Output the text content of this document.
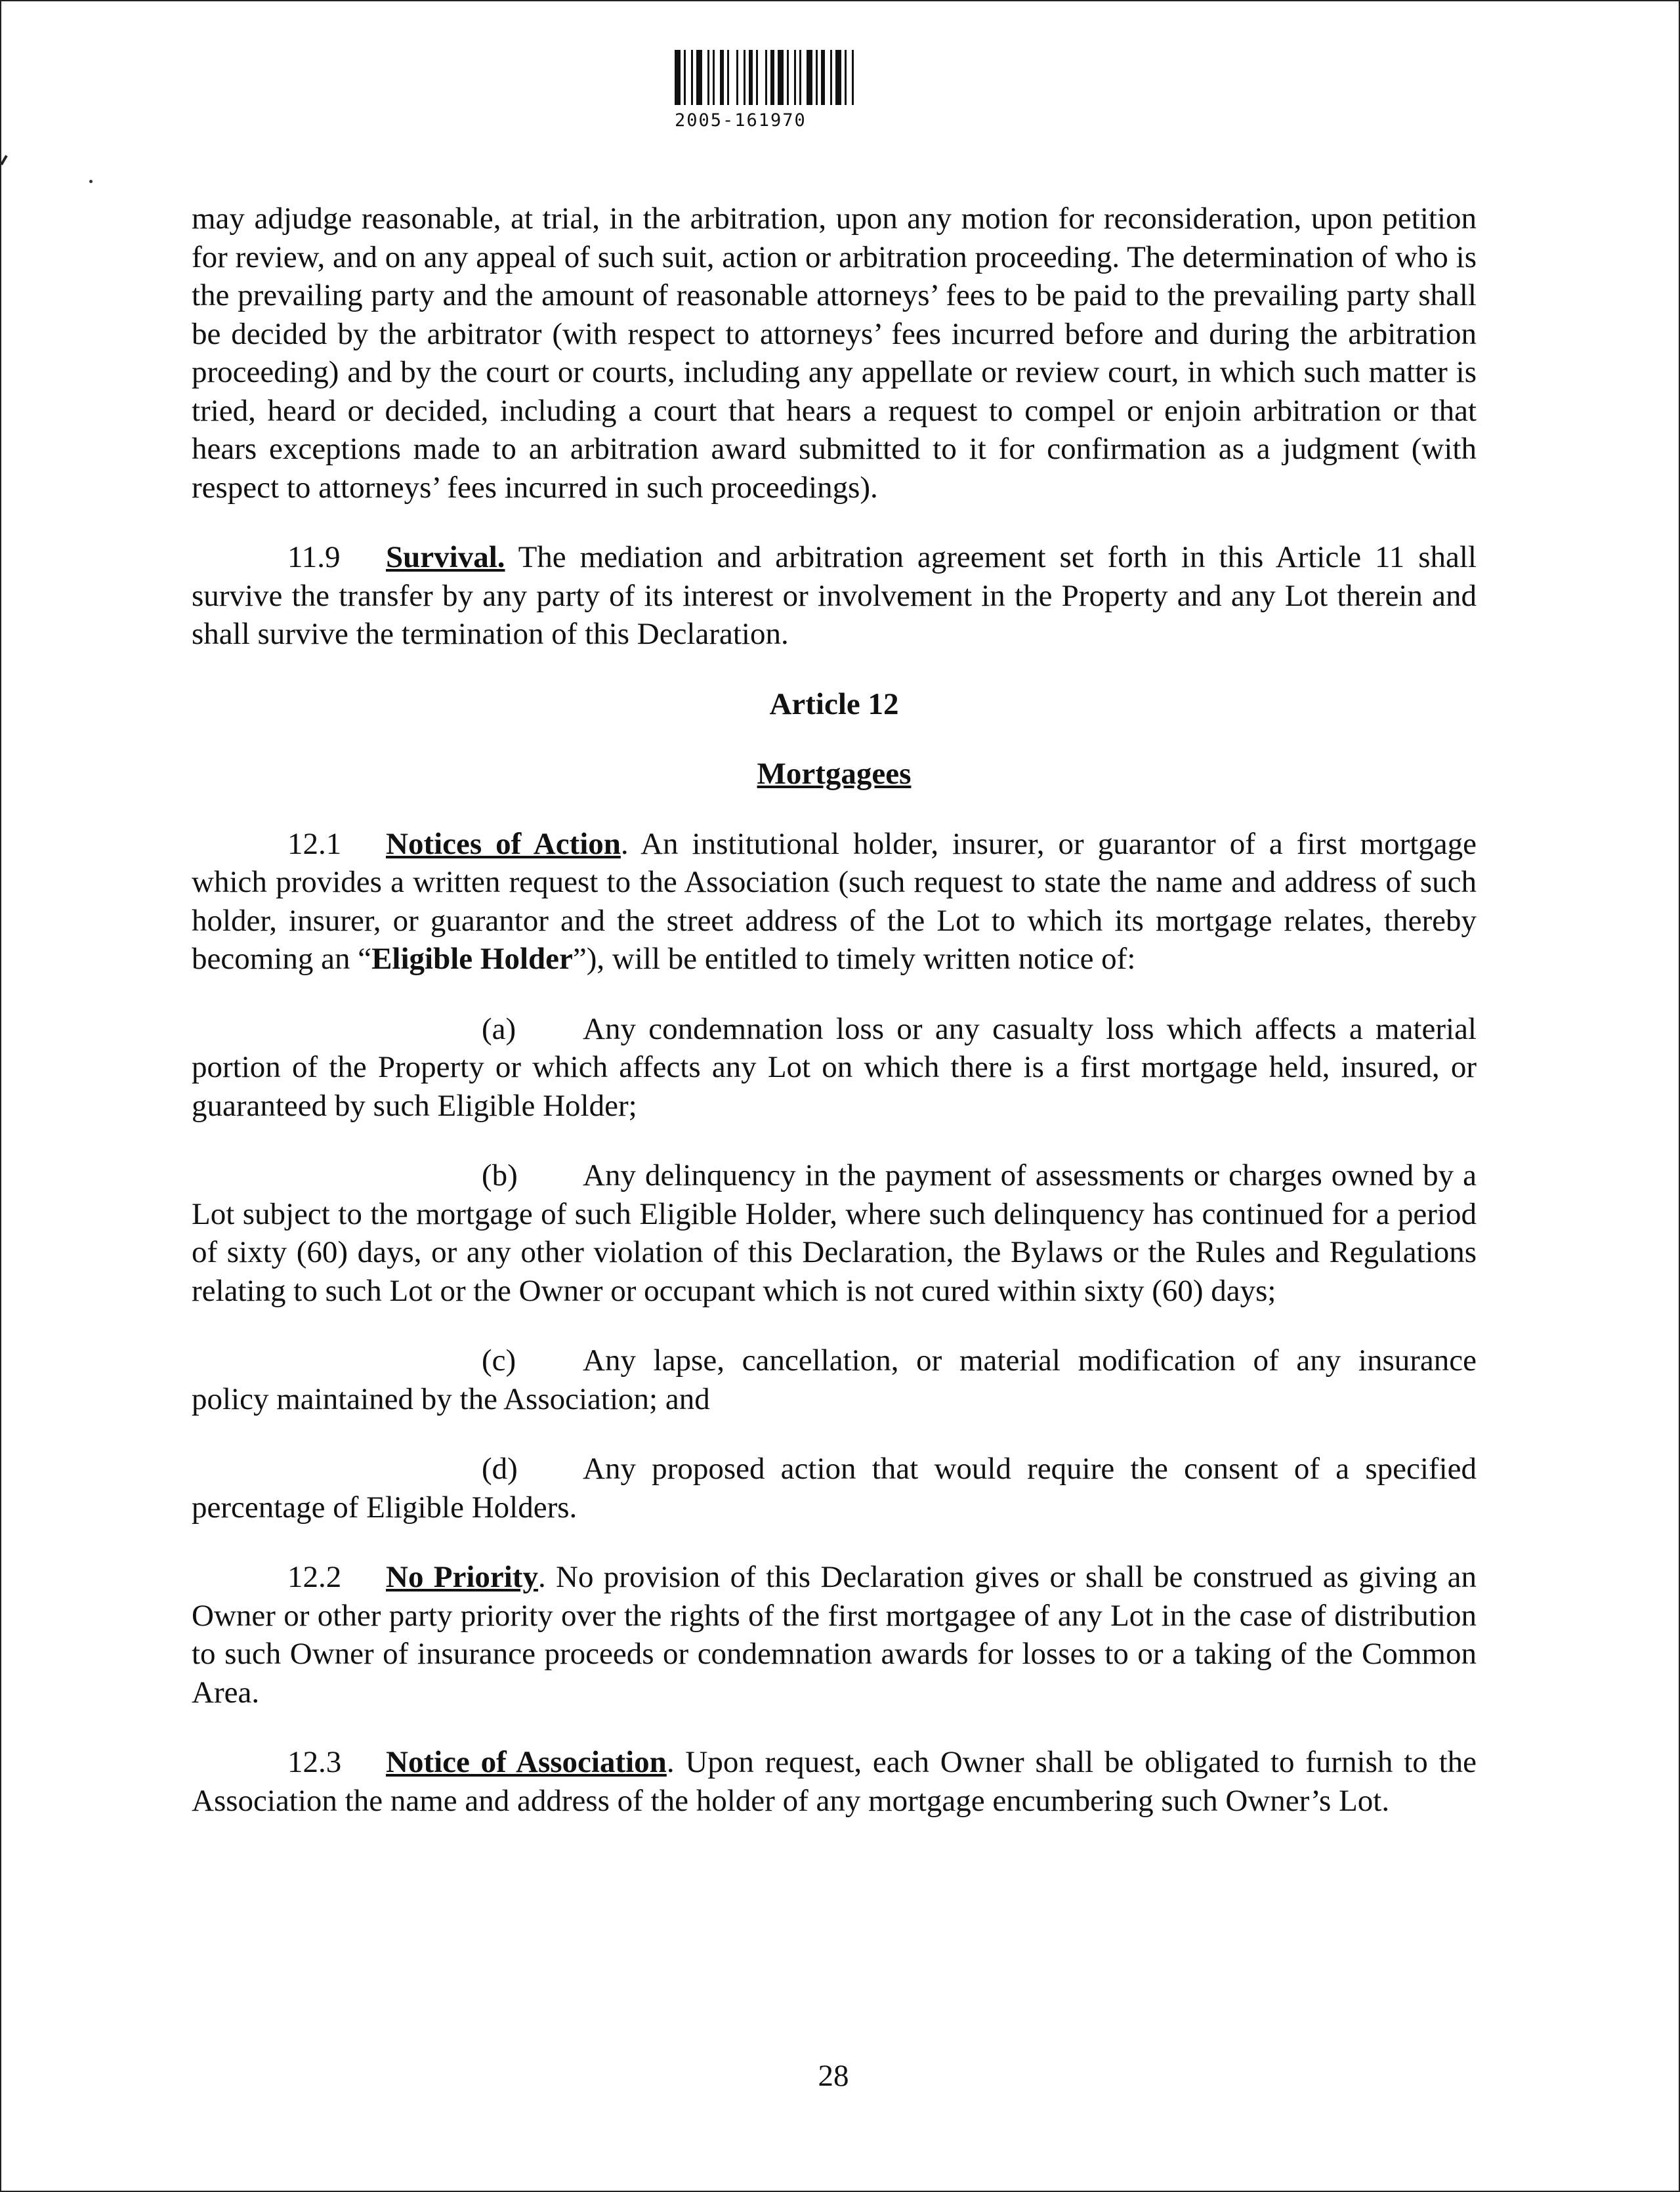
2005-161970

may adjudge reasonable, at trial, in the arbitration, upon any motion for reconsideration, upon petition for review, and on any appeal of such suit, action or arbitration proceeding. The determination of who is the prevailing party and the amount of reasonable attorneys’ fees to be paid to the prevailing party shall be decided by the arbitrator (with respect to attorneys’ fees incurred before and during the arbitration proceeding) and by the court or courts, including any appellate or review court, in which such matter is tried, heard or decided, including a court that hears a request to compel or enjoin arbitration or that hears exceptions made to an arbitration award submitted to it for confirmation as a judgment (with respect to attorneys’ fees incurred in such proceedings).

11.9 Survival. The mediation and arbitration agreement set forth in this Article 11 shall survive the transfer by any party of its interest or involvement in the Property and any Lot therein and shall survive the termination of this Declaration.

Article 12

Mortgagees

12.1 Notices of Action. An institutional holder, insurer, or guarantor of a first mortgage which provides a written request to the Association (such request to state the name and address of such holder, insurer, or guarantor and the street address of the Lot to which its mortgage relates, thereby becoming an “Eligible Holder”), will be entitled to timely written notice of:

(a) Any condemnation loss or any casualty loss which affects a material portion of the Property or which affects any Lot on which there is a first mortgage held, insured, or guaranteed by such Eligible Holder;

(b) Any delinquency in the payment of assessments or charges owned by a Lot subject to the mortgage of such Eligible Holder, where such delinquency has continued for a period of sixty (60) days, or any other violation of this Declaration, the Bylaws or the Rules and Regulations relating to such Lot or the Owner or occupant which is not cured within sixty (60) days;

(c) Any lapse, cancellation, or material modification of any insurance policy maintained by the Association; and

(d) Any proposed action that would require the consent of a specified percentage of Eligible Holders.

12.2 No Priority. No provision of this Declaration gives or shall be construed as giving an Owner or other party priority over the rights of the first mortgagee of any Lot in the case of distribution to such Owner of insurance proceeds or condemnation awards for losses to or a taking of the Common Area.

12.3 Notice of Association. Upon request, each Owner shall be obligated to furnish to the Association the name and address of the holder of any mortgage encumbering such Owner’s Lot.

28
